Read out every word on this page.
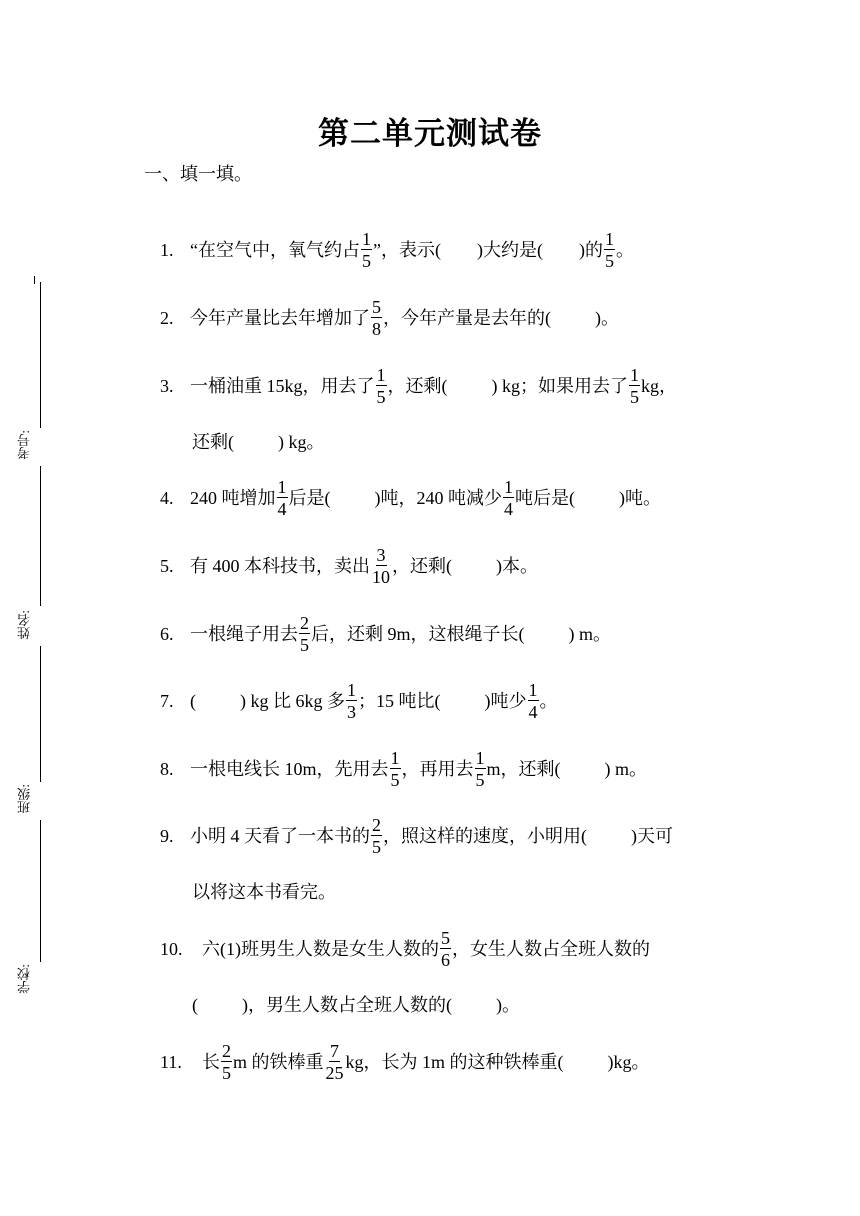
第二单元测试卷
一、填一填。
考号:
姓名:
班级:
学校:
1. “在空气中，氧气约占 $\frac{1}{5}$ ”，表示( )大约是( )的 $\frac{1}{5}$ 。
2. 今年产量比去年增加了 $\frac{5}{8}$ ，今年产量是去年的( )。
3. 一桶油重 15kg，用去了 $\frac{1}{5}$ ，还剩( ) kg；如果用去了 $\frac{1}{5}$ kg，
还剩( ) kg。
4. 240 吨增加 $\frac{1}{4}$ 后是( )吨，240 吨减少 $\frac{1}{4}$ 吨后是( )吨。
5. 有 400 本科技书，卖出 $\frac{3}{10}$ ，还剩( )本。
6. 一根绳子用去 $\frac{2}{5}$ 后，还剩 9m，这根绳子长( ) m。
7. ( ) kg 比 6kg 多 $\frac{1}{3}$ ；15 吨比( )吨少 $\frac{1}{4}$ 。
8. 一根电线长 10m，先用去 $\frac{1}{5}$ ，再用去 $\frac{1}{5}$ m，还剩( ) m。
9. 小明 4 天看了一本书的 $\frac{2}{5}$ ，照这样的速度，小明用( )天可
以将这本书看完。
10.	六(1)班男生人数是女生人数的 $\frac{5}{6}$ ，女生人数占全班人数的
( )，男生人数占全班人数的( )。
11.	长 $\frac{2}{5}$ m 的铁棒重 $\frac{7}{25}$ kg，长为 1m 的这种铁棒重( )kg。
